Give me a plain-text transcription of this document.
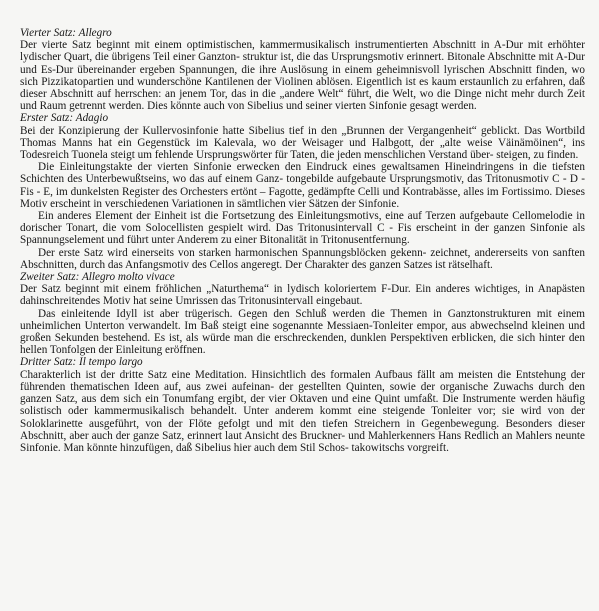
Vierter Satz: Allegro

Der vierte Satz beginnt mit einem optimistischen, kammermusikalisch instrumentierten Abschnitt in A-Dur mit erhöhter lydischer Quart, die übrigens Teil einer Ganzton- struktur ist, die das Ursprungsmotiv erinnert. Bitonale Abschnitte mit A-Dur und Es-Dur übereinander ergeben Spannungen, die ihre Auslösung in einem geheimnisvoll lyrischen Abschnitt finden, wo sich Pizzikatopartien und wunderschöne Kantilenen der Violinen ablösen. Eigentlich ist es kaum erstaunlich zu erfahren, daß dieser Abschnitt auf herrschen: an jenem Tor, das in die „andere Welt“ führt, die Welt, wo die Dinge nicht mehr durch Zeit und Raum getrennt werden. Dies könnte auch von Sibelius und seiner vierten Sinfonie gesagt werden.

Erster Satz: Adagio

Bei der Konzipierung der Kullervosinfonie hatte Sibelius tief in den „Brunnen der Vergangenheit“ geblickt. Das Wortbild Thomas Manns hat ein Gegenstück im Kalevala, wo der Weisager und Halbgott, der „alte weise Väinämöinen“, ins Todesreich Tuonela steigt um fehlende Ursprungswörter für Taten, die jeden menschlichen Verstand über- steigen, zu finden.

Die Einleitungstakte der vierten Sinfonie erwecken den Eindruck eines gewaltsamen Hineindringens in die tiefsten Schichten des Unterbewußtseins, wo das auf einem Ganz- tongebilde aufgebaute Ursprungsmotiv, das Tritonusmotiv C - D - Fis - E, im dunkelsten Register des Orchesters ertönt – Fagotte, gedämpfte Celli und Kontrabässe, alles im Fortissimo. Dieses Motiv erscheint in verschiedenen Variationen in sämtlichen vier Sätzen der Sinfonie.

Ein anderes Element der Einheit ist die Fortsetzung des Einleitungsmotivs, eine auf Terzen aufgebaute Cellomelodie in dorischer Tonart, die vom Solocellisten gespielt wird. Das Tritonusintervall C - Fis erscheint in der ganzen Sinfonie als Spannungselement und führt unter Anderem zu einer Bitonalität in Tritonusentfernung.

Der erste Satz wird einerseits von starken harmonischen Spannungsblöcken gekenn- zeichnet, andererseits von sanften Abschnitten, durch das Anfangsmotiv des Cellos angeregt. Der Charakter des ganzen Satzes ist rätselhaft.

Zweiter Satz: Allegro molto vivace

Der Satz beginnt mit einem fröhlichen „Naturthema“ in lydisch koloriertem F-Dur. Ein anderes wichtiges, in Anapästen dahinschreitendes Motiv hat seine Umrissen das Tritonusintervall eingebaut.

Das einleitende Idyll ist aber trügerisch. Gegen den Schluß werden die Themen in Ganztonstrukturen mit einem unheimlichen Unterton verwandelt. Im Baß steigt eine sogenannte Messiaen-Tonleiter empor, aus abwechselnd kleinen und großen Sekunden bestehend. Es ist, als würde man die erschreckenden, dunklen Perspektiven erblicken, die sich hinter den hellen Tonfolgen der Einleitung eröffnen.

Dritter Satz: Il tempo largo

Charakterlich ist der dritte Satz eine Meditation. Hinsichtlich des formalen Aufbaus fällt am meisten die Entstehung der führenden thematischen Ideen auf, aus zwei aufeinan- der gestellten Quinten, sowie der organische Zuwachs durch den ganzen Satz, aus dem sich ein Tonumfang ergibt, der vier Oktaven und eine Quint umfaßt. Die Instrumente werden häufig solistisch oder kammermusikalisch behandelt. Unter anderem kommt eine steigende Tonleiter vor; sie wird von der Soloklarinette ausgeführt, von der Flöte gefolgt und mit den tiefen Streichern in Gegenbewegung. Besonders dieser Abschnitt, aber auch der ganze Satz, erinnert laut Ansicht des Bruckner- und Mahlerkenners Hans Redlich an Mahlers neunte Sinfonie. Man könnte hinzufügen, daß Sibelius hier auch dem Stil Schos- takowitschs vorgreift.
